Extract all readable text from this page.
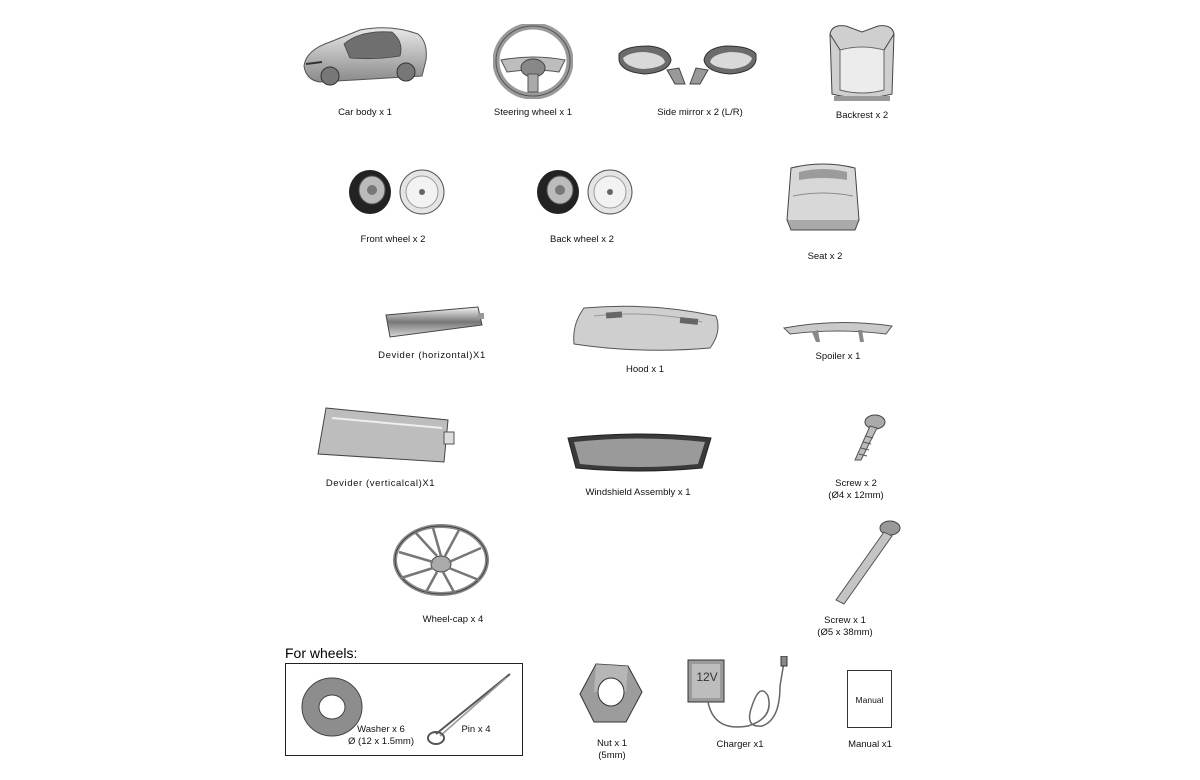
Car body x 1	Steering wheel x 1	Side mirror x 2 (L/R)	Backrest x 2
Front wheel x 2	Back wheel x 2
Seat x 2
Devider (horizontal)X1
Hood x 1
Spoiler x 1
Devider (verticalcal)X1
Windshield Assembly x 1
Screw x 2
(Ø4 x 12mm)
Wheel-cap x 4	Screw x 1
(Ø5 x 38mm)
For wheels:
Washer x 6
Ø (12 x 1.5mm)
Pin x 4
Nut x 1
(5mm)
12V
Charger x1
Manual
Manual x1
